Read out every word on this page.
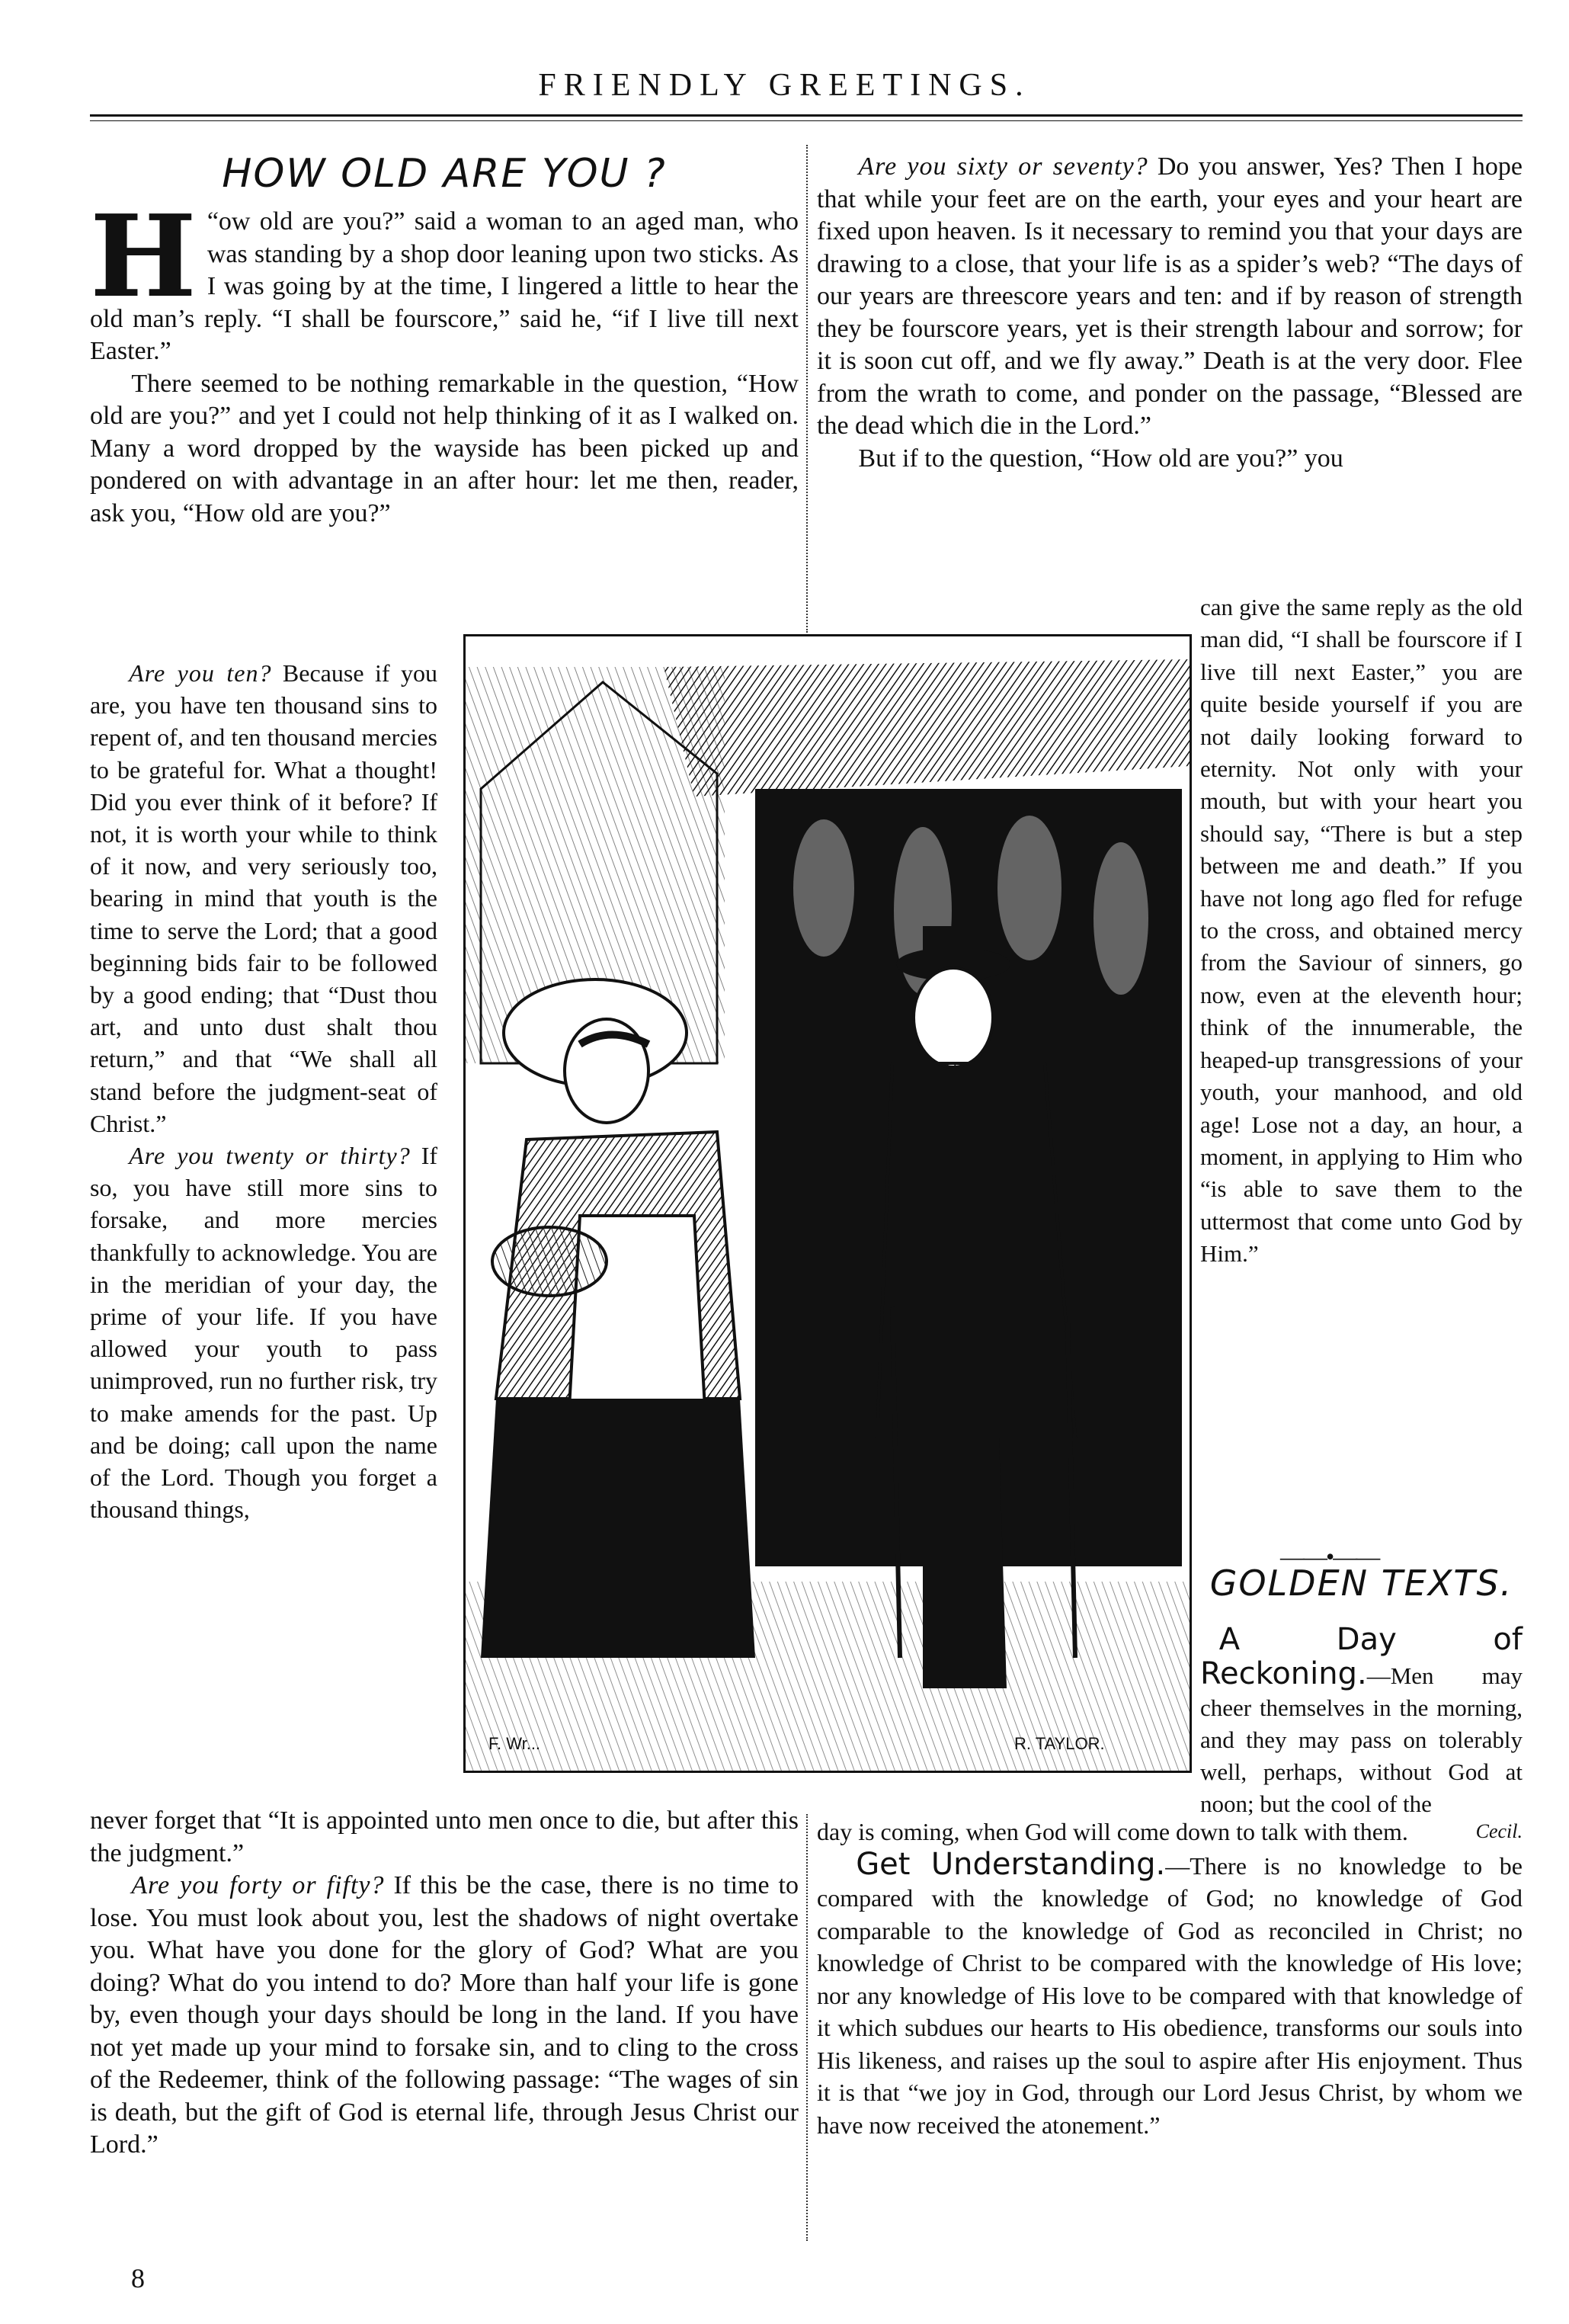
FRIENDLY GREETINGS.
HOW OLD ARE YOU ?

H “ow old are you?” said a woman to an aged man, who was standing by a shop door leaning upon two sticks. As I was going by at the time, I lingered a little to hear the old man’s reply. “I shall be fourscore,” said he, “if I live till next Easter.”

There seemed to be nothing remarkable in the question, “How old are you?” and yet I could not help thinking of it as I walked on. Many a word dropped by the wayside has been picked up and pondered on with advantage in an after hour: let me then, reader, ask you, “How old are you?”

Are you ten? Because if you are, you have ten thousand sins to repent of, and ten thousand mercies to be grateful for. What a thought! Did you ever think of it before? If not, it is worth your while to think of it now, and very seriously too, bearing in mind that youth is the time to serve the Lord; that a good beginning bids fair to be followed by a good ending; that “Dust thou art, and unto dust shalt thou return,” and that “We shall all stand before the judgment-seat of Christ.”

Are you twenty or thirty? If so, you have still more sins to forsake, and more mercies thankfully to acknowledge. You are in the meridian of your day, the prime of your life. If you have allowed your youth to pass unimproved, run no further risk, try to make amends for the past. Up and be doing; call upon the name of the Lord. Though you forget a thousand things,

never forget that “It is appointed unto men once to die, but after this the judgment.”

Are you forty or fifty? If this be the case, there is no time to lose. You must look about you, lest the shadows of night overtake you. What have you done for the glory of God? What are you doing? What do you intend to do? More than half your life is gone by, even though your days should be long in the land. If you have not yet made up your mind to forsake sin, and to cling to the cross of the Redeemer, think of the following passage: “The wages of sin is death, but the gift of God is eternal life, through Jesus Christ our Lord.”

Are you sixty or seventy? Do you answer, Yes? Then I hope that while your feet are on the earth, your eyes and your heart are fixed upon heaven. Is it necessary to remind you that your days are drawing to a close, that your life is as a spider’s web? “The days of our years are threescore years and ten: and if by reason of strength they be fourscore years, yet is their strength labour and sorrow; for it is soon cut off, and we fly away.” Death is at the very door. Flee from the wrath to come, and ponder on the passage, “Blessed are the dead which die in the Lord.”

But if to the question, “How old are you?” you

can give the same reply as the old man did, “I shall be fourscore if I live till next Easter,” you are quite beside yourself if you are not daily looking forward to eternity. Not only with your mouth, but with your heart you should say, “There is but a step between me and death.” If you have not long ago fled for refuge to the cross, and obtained mercy from the Saviour of sinners, go now, even at the eleventh hour; think of the innumerable, the heaped-up transgressions of your youth, your manhood, and old age! Lose not a day, an hour, a moment, in applying to Him who “is able to save them to the uttermost that come unto God by Him.”

——•——
GOLDEN TEXTS.

A Day of Reckoning.—Men may cheer themselves in the morning, and they may pass on tolerably well, perhaps, without God at noon; but the cool of the

day is coming, when God will come down to talk with them.	Cecil.

Get Understanding.—There is no knowledge to be compared with the knowledge of God; no knowledge of God comparable to the knowledge of God as reconciled in Christ; no knowledge of Christ to be compared with the knowledge of His love; nor any knowledge of His love to be compared with that knowledge of it which subdues our hearts to His obedience, transforms our souls into His likeness, and raises up the soul to aspire after His enjoyment. Thus it is that “we joy in God, through our Lord Jesus Christ, by whom we have now received the atonement.”

F. Wr...	R. TAYLOR.
8
